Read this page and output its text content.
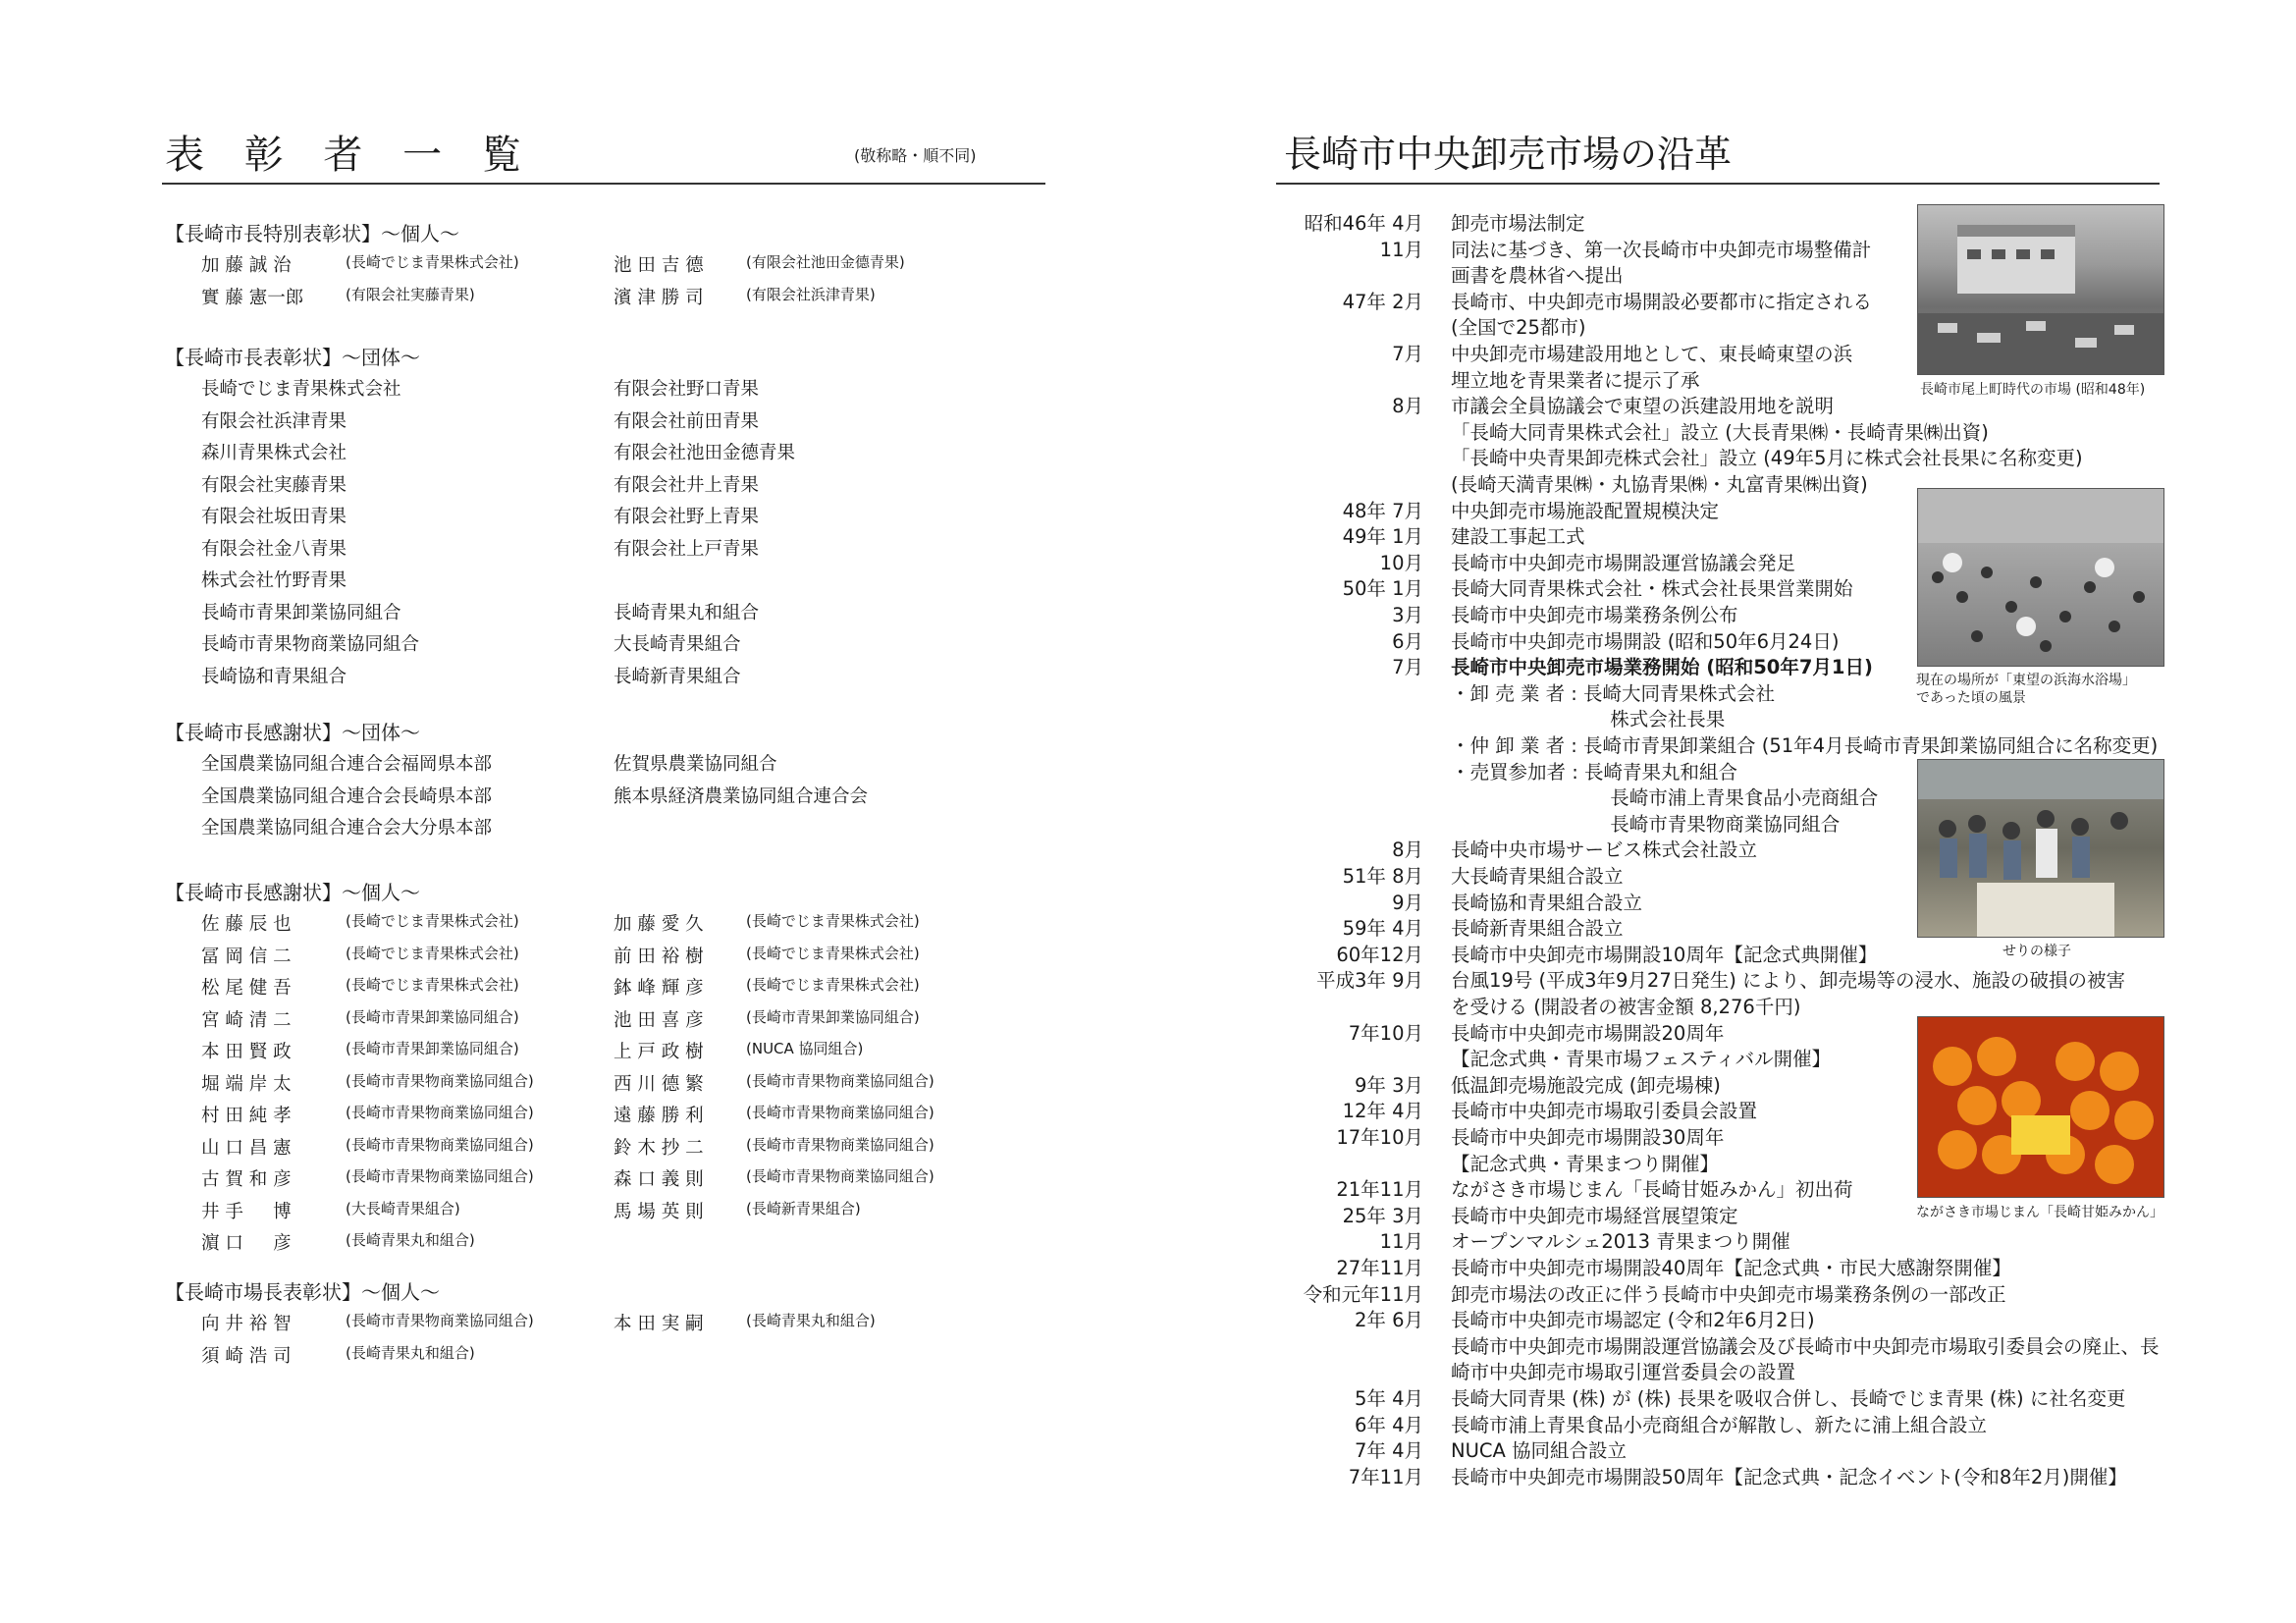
表 彰 者 一 覧	(敬称略・順不同)
【長崎市長特別表彰状】～個人～
加 藤 誠 治	(長崎でじま青果株式会社)	池 田 吉 德	(有限会社池田金德青果)
實 藤 憲一郎	(有限会社実藤青果)	濱 津 勝 司	(有限会社浜津青果)
【長崎市長表彰状】～団体～
長崎でじま青果株式会社	有限会社野口青果
有限会社浜津青果	有限会社前田青果
森川青果株式会社	有限会社池田金德青果
有限会社実藤青果	有限会社井上青果
有限会社坂田青果	有限会社野上青果
有限会社金八青果	有限会社上戸青果
株式会社竹野青果
長崎市青果卸業協同組合	長崎青果丸和組合
長崎市青果物商業協同組合	大長崎青果組合
長崎協和青果組合	長崎新青果組合
【長崎市長感謝状】～団体～
全国農業協同組合連合会福岡県本部	佐賀県農業協同組合
全国農業協同組合連合会長崎県本部	熊本県経済農業協同組合連合会
全国農業協同組合連合会大分県本部
【長崎市長感謝状】～個人～
佐 藤 辰 也	(長崎でじま青果株式会社)	加 藤 愛 久	(長崎でじま青果株式会社)
冨 岡 信 二	(長崎でじま青果株式会社)	前 田 裕 樹	(長崎でじま青果株式会社)
松 尾 健 吾	(長崎でじま青果株式会社)	鉢 峰 輝 彦	(長崎でじま青果株式会社)
宮 崎 清 二	(長崎市青果卸業協同組合)	池 田 喜 彦	(長崎市青果卸業協同組合)
本 田 賢 政	(長崎市青果卸業協同組合)	上 戸 政 樹	(NUCA 協同組合)
堀 端 岸 太	(長崎市青果物商業協同組合)	西 川 德 繁	(長崎市青果物商業協同組合)
村 田 純 孝	(長崎市青果物商業協同組合)	遠 藤 勝 利	(長崎市青果物商業協同組合)
山 口 昌 憲	(長崎市青果物商業協同組合)	鈴 木 抄 二	(長崎市青果物商業協同組合)
古 賀 和 彦	(長崎市青果物商業協同組合)	森 口 義 則	(長崎市青果物商業協同組合)
井 手 　 博	(大長崎青果組合)	馬 場 英 則	(長崎新青果組合)
濵 口 　 彦	(長崎青果丸和組合)
【長崎市場長表彰状】～個人～
向 井 裕 智	(長崎市青果物商業協同組合)	本 田 実 嗣	(長崎青果丸和組合)
須 崎 浩 司	(長崎青果丸和組合)
長崎市中央卸売市場の沿革
昭和46年 4月 卸売市場法制定
11月 同法に基づき、第一次長崎市中央卸売市場整備計
画書を農林省へ提出
47年 2月 長崎市、中央卸売市場開設必要都市に指定される
(全国で25都市)
7月 中央卸売市場建設用地として、東長崎東望の浜
埋立地を青果業者に提示了承
8月 市議会全員協議会で東望の浜建設用地を説明
「長崎大同青果株式会社」設立 (大長青果㈱・長崎青果㈱出資)
「長崎中央青果卸売株式会社」設立 (49年5月に株式会社長果に名称変更)
(長崎天満青果㈱・丸協青果㈱・丸富青果㈱出資)
48年 7月 中央卸売市場施設配置規模決定
49年 1月 建設工事起工式
10月 長崎市中央卸売市場開設運営協議会発足
50年 1月 長崎大同青果株式会社・株式会社長果営業開始
3月 長崎市中央卸売市場業務条例公布
6月 長崎市中央卸売市場開設 (昭和50年6月24日)
7月 長崎市中央卸売市場業務開始 (昭和50年7月1日)
・卸 売 業 者 : 長崎大同青果株式会社
　　　　　　　　 株式会社長果
・仲 卸 業 者 : 長崎市青果卸業組合 (51年4月長崎市青果卸業協同組合に名称変更)
・売買参加者 : 長崎青果丸和組合
　　　　　　　　 長崎市浦上青果食品小売商組合
　　　　　　　　 長崎市青果物商業協同組合
8月 長崎中央市場サービス株式会社設立
51年 8月 大長崎青果組合設立
9月 長崎協和青果組合設立
59年 4月 長崎新青果組合設立
60年12月 長崎市中央卸売市場開設10周年【記念式典開催】
平成3年 9月 台風19号 (平成3年9月27日発生) により、卸売場等の浸水、施設の破損の被害
を受ける (開設者の被害金額 8,276千円)
7年10月 長崎市中央卸売市場開設20周年
【記念式典・青果市場フェスティバル開催】
9年 3月 低温卸売場施設完成 (卸売場棟)
12年 4月 長崎市中央卸売市場取引委員会設置
17年10月 長崎市中央卸売市場開設30周年
【記念式典・青果まつり開催】
21年11月 ながさき市場じまん「長崎甘姫みかん」初出荷
25年 3月 長崎市中央卸売市場経営展望策定
11月 オープンマルシェ2013 青果まつり開催
27年11月 長崎市中央卸売市場開設40周年【記念式典・市民大感謝祭開催】
令和元年11月 卸売市場法の改正に伴う長崎市中央卸売市場業務条例の一部改正
2年 6月 長崎市中央卸売市場認定 (令和2年6月2日)
長崎市中央卸売市場開設運営協議会及び長崎市中央卸売市場取引委員会の廃止、長
崎市中央卸売市場取引運営委員会の設置
5年 4月 長崎大同青果 (株) が (株) 長果を吸収合併し、長崎でじま青果 (株) に社名変更
6年 4月 長崎市浦上青果食品小売商組合が解散し、新たに浦上組合設立
7年 4月 NUCA 協同組合設立
7年11月 長崎市中央卸売市場開設50周年【記念式典・記念イベント(令和8年2月)開催】
長崎市尾上町時代の市場 (昭和48年)
現在の場所が「東望の浜海水浴場」
であった頃の風景
せりの様子
ながさき市場じまん「長崎甘姫みかん」
